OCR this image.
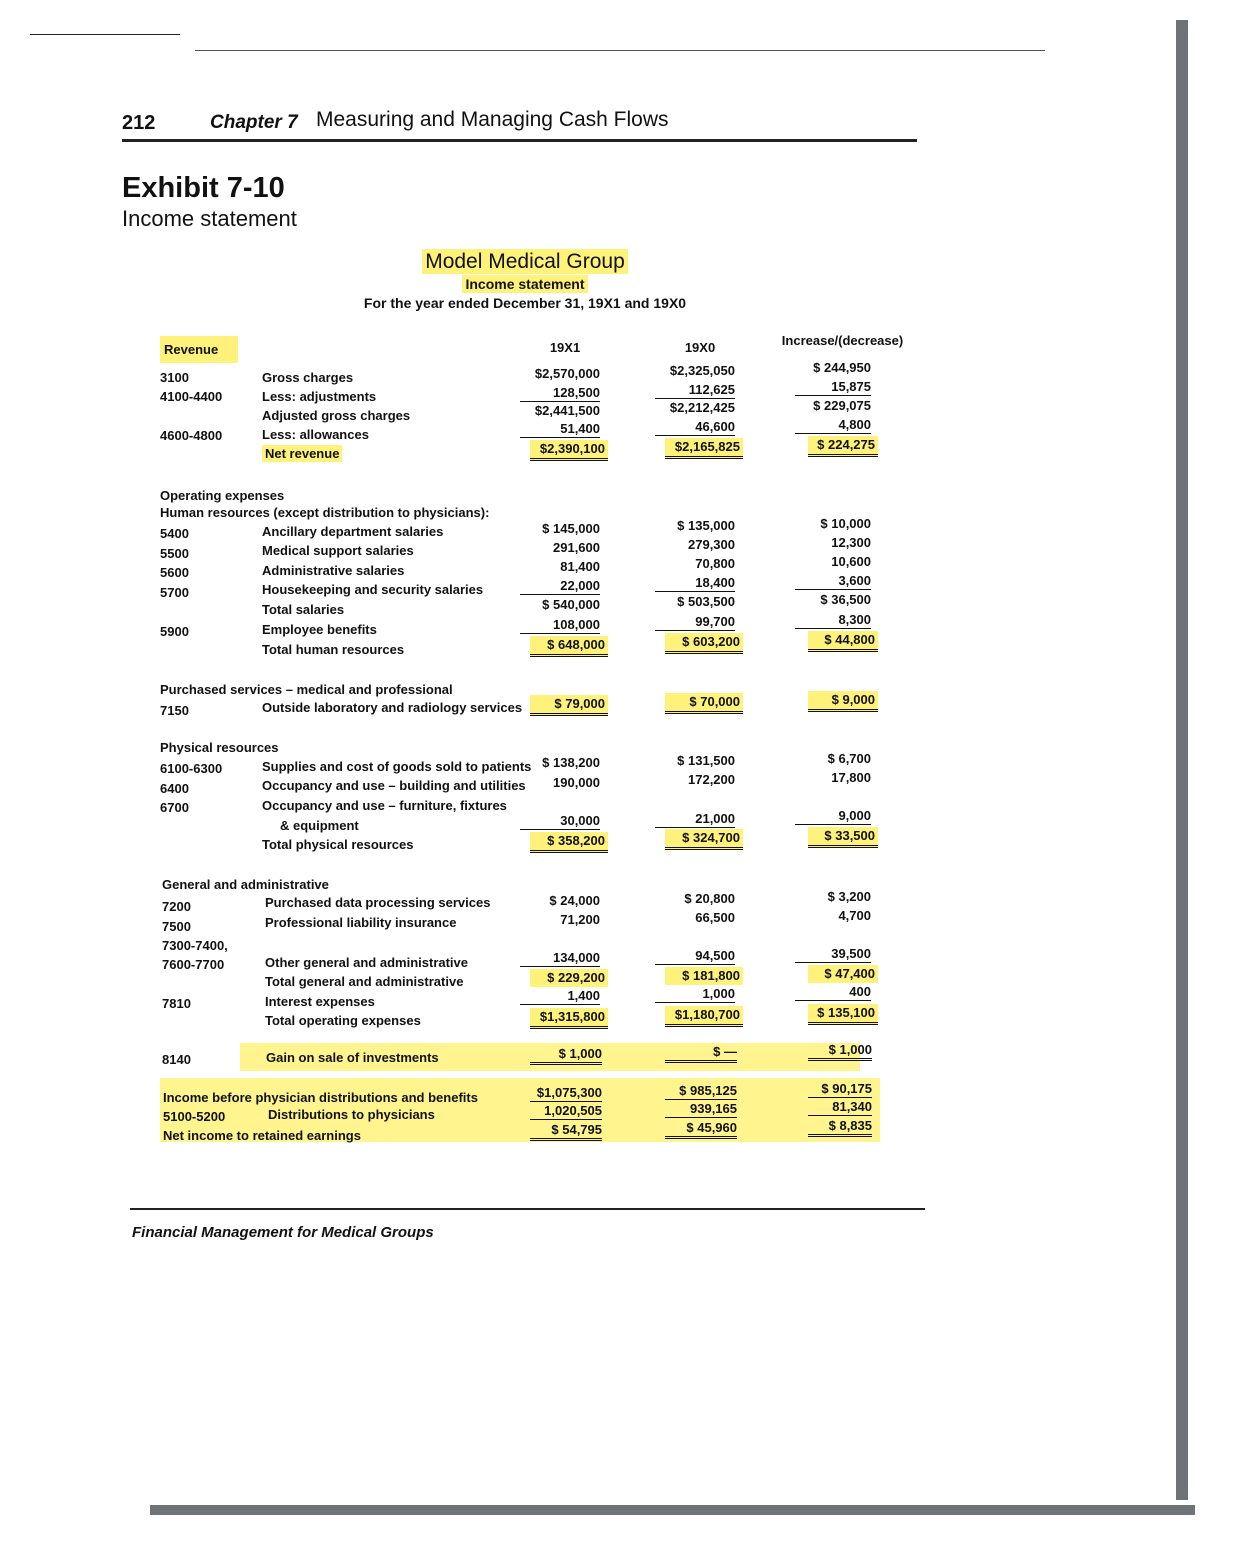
212	Chapter 7 Measuring and Managing Cash Flows
Exhibit 7-10
Income statement
Model Medical Group
Income statement
For the year ended December 31, 19X1 and 19X0
19X1	19X0	Increase/(decrease)
Revenue
3100	Gross charges	$2,570,000	$2,325,050	$ 244,950
4100-4400	Less: adjustments	128,500	112,625	15,875
Adjusted gross charges	$2,441,500	$2,212,425	$ 229,075
4600-4800	Less: allowances	51,400	46,600	4,800
Net revenue	$2,390,100	$2,165,825	$ 224,275
Operating expenses
Human resources (except distribution to physicians):
5400	Ancillary department salaries	$ 145,000	$ 135,000	$ 10,000
5500	Medical support salaries	291,600	279,300	12,300
5600	Administrative salaries	81,400	70,800	10,600
5700	Housekeeping and security salaries	22,000	18,400	3,600
Total salaries	$ 540,000	$ 503,500	$ 36,500
5900	Employee benefits	108,000	99,700	8,300
Total human resources	$ 648,000	$ 603,200	$ 44,800
Purchased services – medical and professional
7150	Outside laboratory and radiology services	$ 79,000	$ 70,000	$ 9,000
Physical resources
6100-6300	Supplies and cost of goods sold to patients $ 138,200	$ 131,500	$ 6,700
6400	Occupancy and use – building and utilities	190,000	172,200	17,800
6700	Occupancy and use – furniture, fixtures
& equipment	30,000	21,000	9,000
Total physical resources	$ 358,200	$ 324,700	$ 33,500
General and administrative
7200	Purchased data processing services	$ 24,000	$ 20,800	$ 3,200
7500	Professional liability insurance	71,200	66,500	4,700
7300-7400,
7600-7700	Other general and administrative	134,000	94,500	39,500
Total general and administrative	$ 229,200	$ 181,800	$ 47,400
7810	Interest expenses	1,400	1,000	400
Total operating expenses	$1,315,800	$1,180,700	$ 135,100
8140	Gain on sale of investments	$ 1,000	$ —	$ 1,000
Income before physician distributions and benefits	$1,075,300	$ 985,125	$ 90,175
5100-5200	Distributions to physicians	1,020,505	939,165	81,340
Net income to retained earnings	$ 54,795	$ 45,960	$ 8,835
Financial Management for Medical Groups
